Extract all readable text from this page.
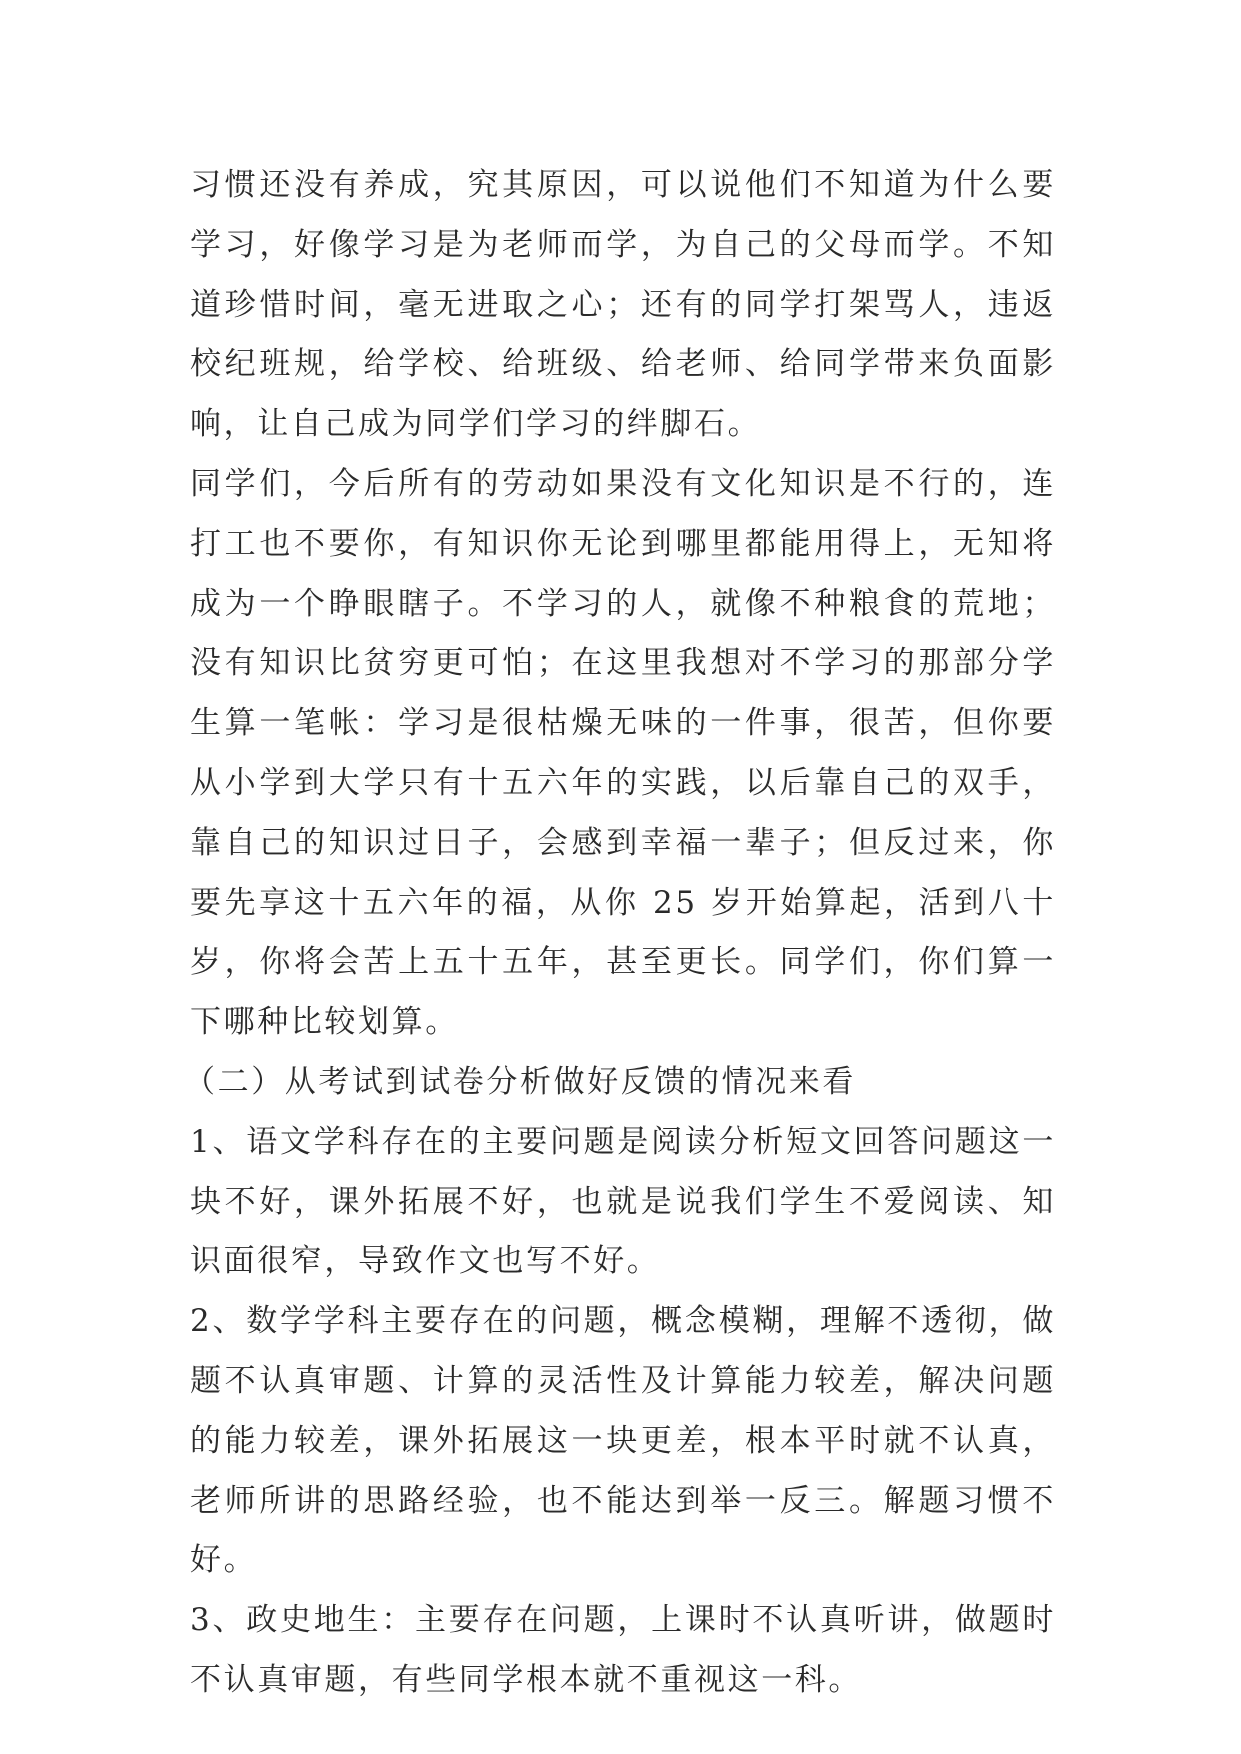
习惯还没有养成，究其原因，可以说他们不知道为什么要学习，好像学习是为老师而学，为自己的父母而学。不知道珍惜时间，毫无进取之心；还有的同学打架骂人，违返校纪班规，给学校、给班级、给老师、给同学带来负面影响，让自己成为同学们学习的绊脚石。

同学们，今后所有的劳动如果没有文化知识是不行的，连打工也不要你，有知识你无论到哪里都能用得上，无知将成为一个睁眼瞎子。不学习的人，就像不种粮食的荒地；没有知识比贫穷更可怕；在这里我想对不学习的那部分学生算一笔帐：学习是很枯燥无味的一件事，很苦，但你要从小学到大学只有十五六年的实践，以后靠自己的双手，靠自己的知识过日子，会感到幸福一辈子；但反过来，你要先享这十五六年的福，从你 25 岁开始算起，活到八十岁，你将会苦上五十五年，甚至更长。同学们，你们算一下哪种比较划算。

（二）从考试到试卷分析做好反馈的情况来看

1、语文学科存在的主要问题是阅读分析短文回答问题这一块不好，课外拓展不好，也就是说我们学生不爱阅读、知识面很窄，导致作文也写不好。

2、数学学科主要存在的问题，概念模糊，理解不透彻，做题不认真审题、计算的灵活性及计算能力较差，解决问题的能力较差，课外拓展这一块更差，根本平时就不认真，老师所讲的思路经验，也不能达到举一反三。解题习惯不好。

3、政史地生：主要存在问题，上课时不认真听讲，做题时不认真审题，有些同学根本就不重视这一科。
